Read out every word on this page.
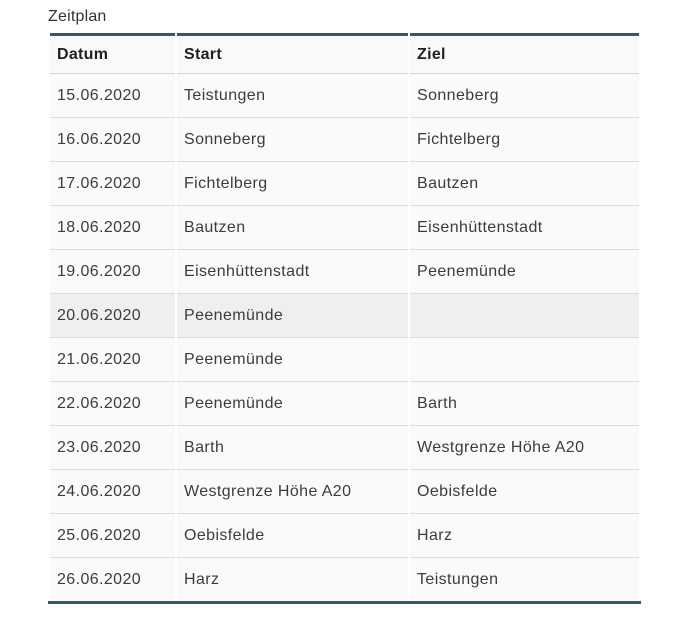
Zeitplan
Datum	Start	Ziel
15.06.2020	Teistungen	Sonneberg
16.06.2020	Sonneberg	Fichtelberg
17.06.2020	Fichtelberg	Bautzen
18.06.2020	Bautzen	Eisenhüttenstadt
19.06.2020	Eisenhüttenstadt	Peenemünde
20.06.2020	Peenemünde	
21.06.2020	Peenemünde	
22.06.2020	Peenemünde	Barth
23.06.2020	Barth	Westgrenze Höhe A20
24.06.2020	Westgrenze Höhe A20	Oebisfelde
25.06.2020	Oebisfelde	Harz
26.06.2020	Harz	Teistungen
